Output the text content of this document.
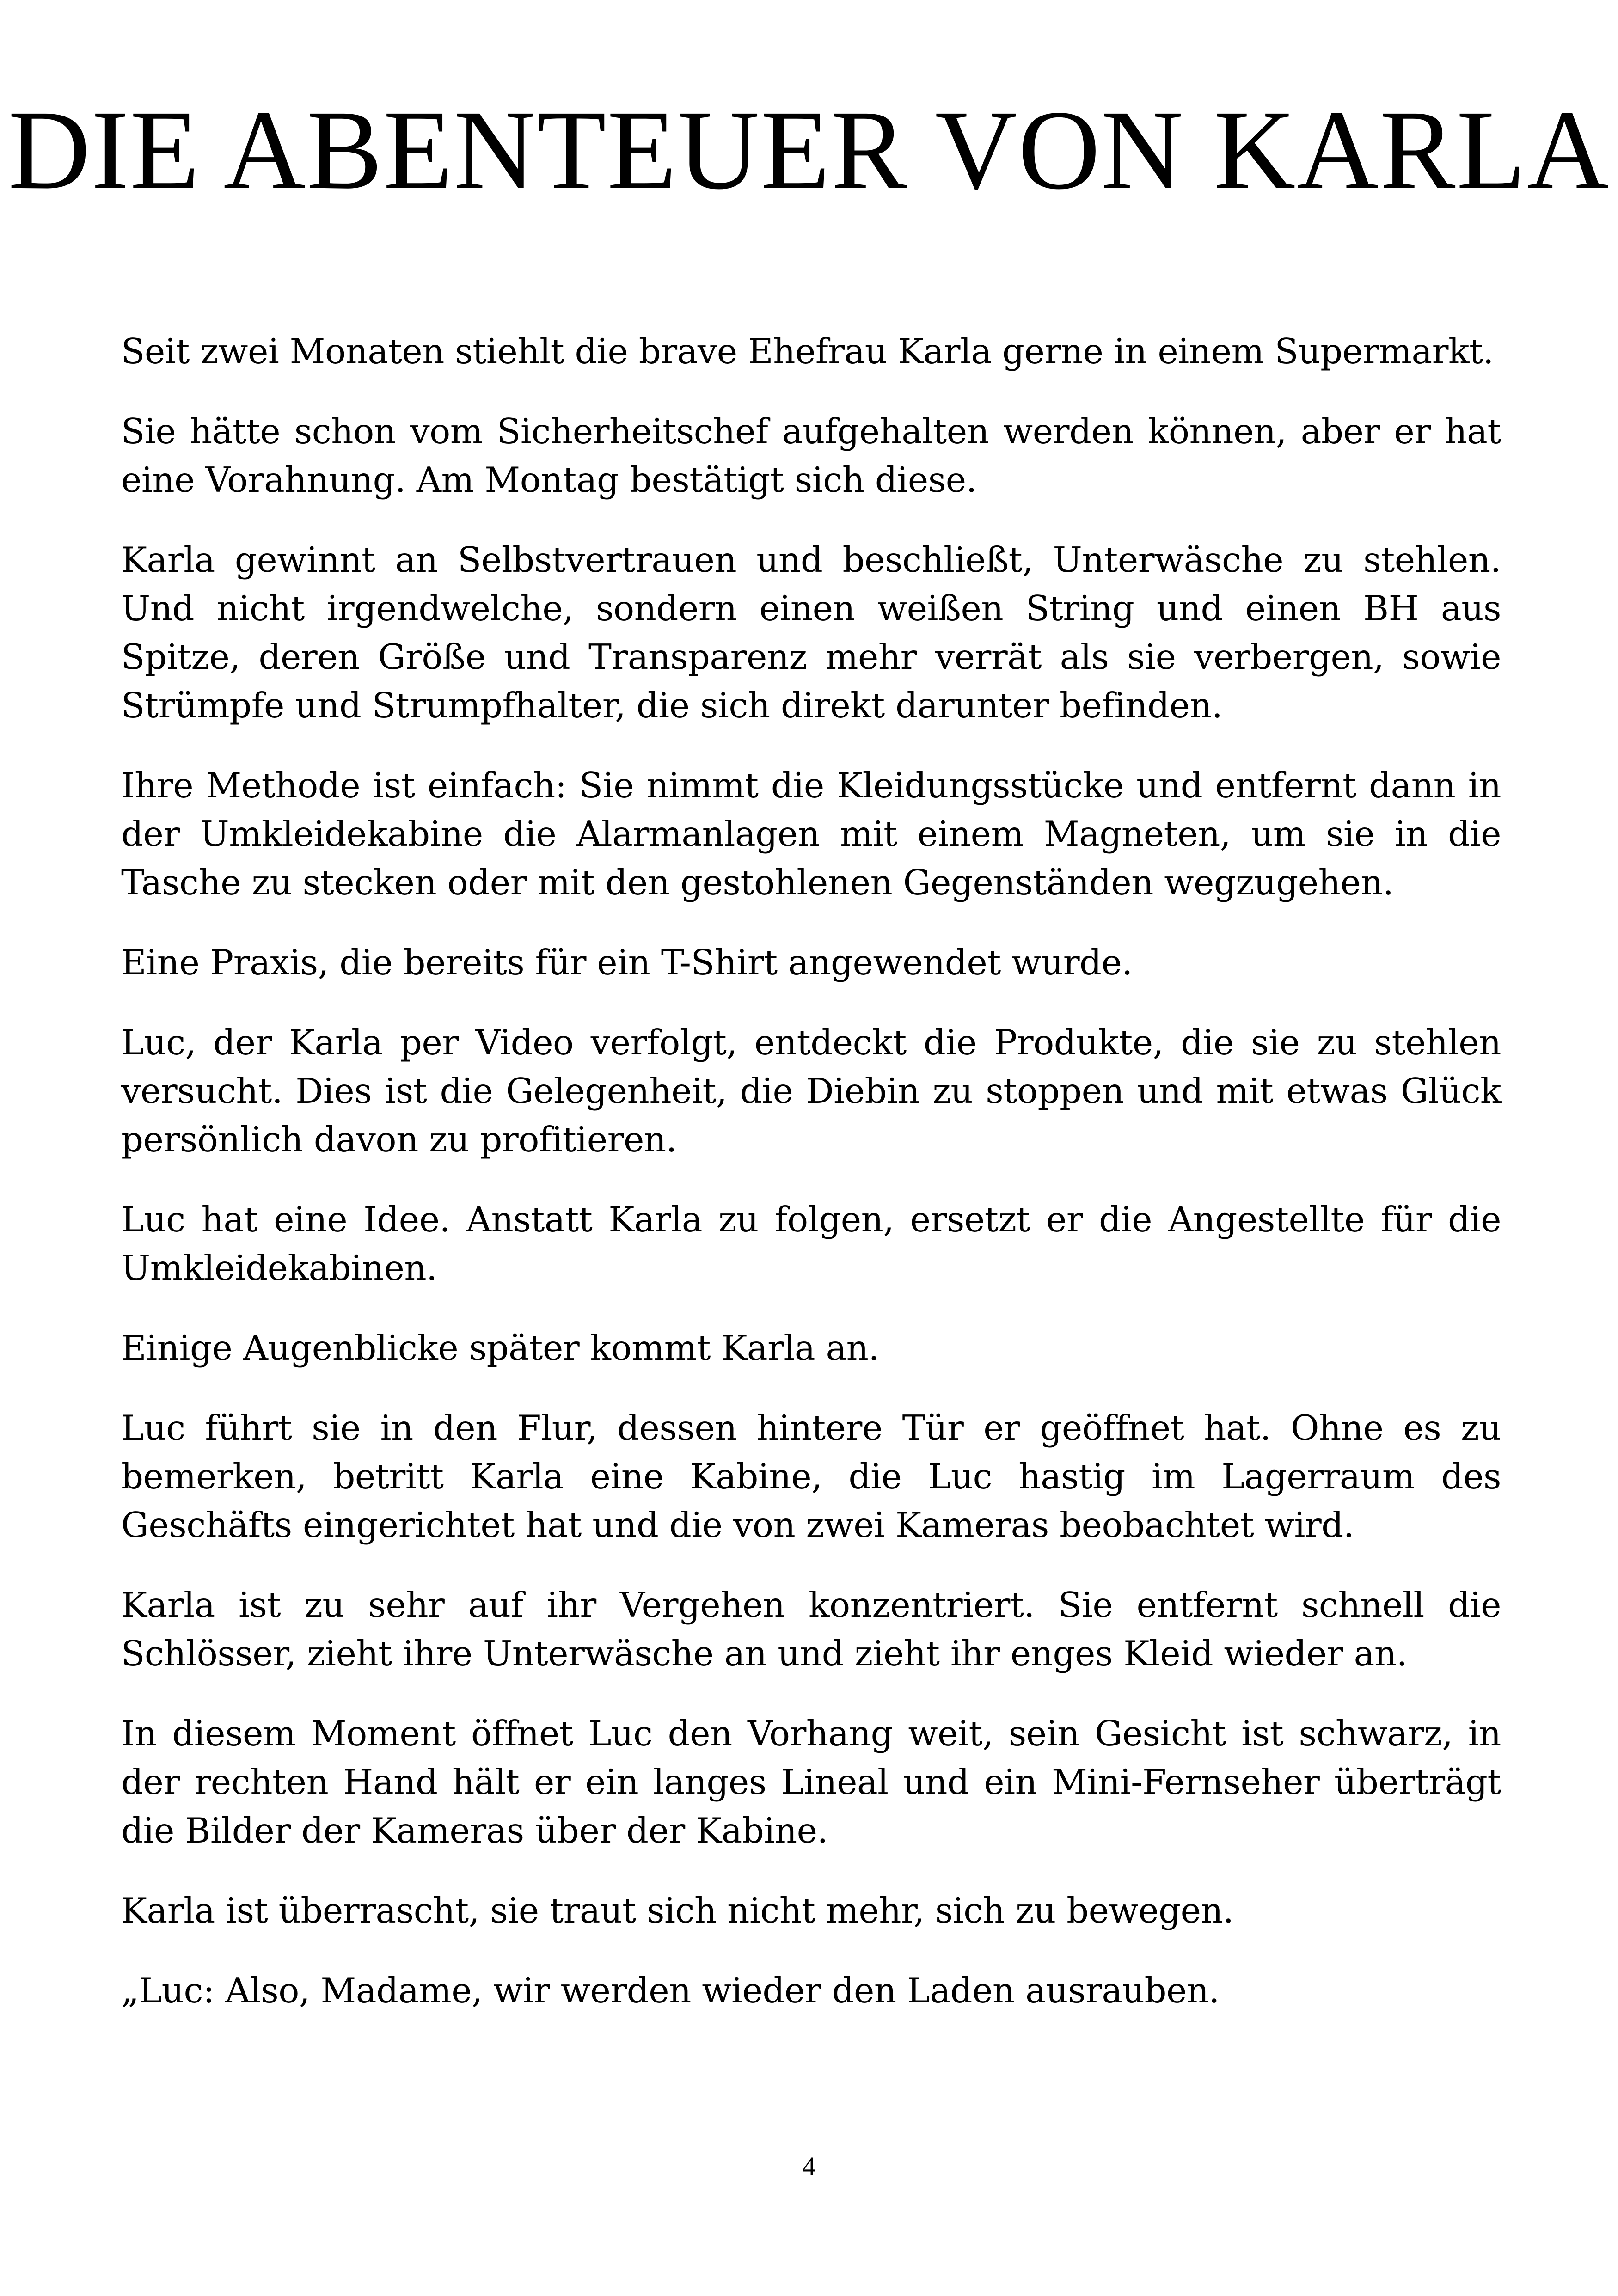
DIE ABENTEUER VON KARLA

Seit zwei Monaten stiehlt die brave Ehefrau Karla gerne in einem Supermarkt.

Sie hätte schon vom Sicherheitschef aufgehalten werden können, aber er hat eine Vorahnung. Am Montag bestätigt sich diese.

Karla gewinnt an Selbstvertrauen und beschließt, Unterwäsche zu stehlen. Und nicht irgendwelche, sondern einen weißen String und einen BH aus Spitze, deren Größe und Transparenz mehr verrät als sie verbergen, sowie Strümpfe und Strumpfhalter, die sich direkt darunter befinden.

Ihre Methode ist einfach: Sie nimmt die Kleidungsstücke und entfernt dann in der Umkleidekabine die Alarmanlagen mit einem Magneten, um sie in die Tasche zu stecken oder mit den gestohlenen Gegenständen wegzugehen.

Eine Praxis, die bereits für ein T-Shirt angewendet wurde.

Luc, der Karla per Video verfolgt, entdeckt die Produkte, die sie zu stehlen versucht. Dies ist die Gelegenheit, die Diebin zu stoppen und mit etwas Glück persönlich davon zu profitieren.

Luc hat eine Idee. Anstatt Karla zu folgen, ersetzt er die Angestellte für die Umkleidekabinen.

Einige Augenblicke später kommt Karla an.

Luc führt sie in den Flur, dessen hintere Tür er geöffnet hat. Ohne es zu bemerken, betritt Karla eine Kabine, die Luc hastig im Lagerraum des Geschäfts eingerichtet hat und die von zwei Kameras beobachtet wird.

Karla ist zu sehr auf ihr Vergehen konzentriert. Sie entfernt schnell die Schlösser, zieht ihre Unterwäsche an und zieht ihr enges Kleid wieder an.

In diesem Moment öffnet Luc den Vorhang weit, sein Gesicht ist schwarz, in der rechten Hand hält er ein langes Lineal und ein Mini-Fernseher überträgt die Bilder der Kameras über der Kabine.

Karla ist überrascht, sie traut sich nicht mehr, sich zu bewegen.

„Luc: Also, Madame, wir werden wieder den Laden ausrauben.

4
